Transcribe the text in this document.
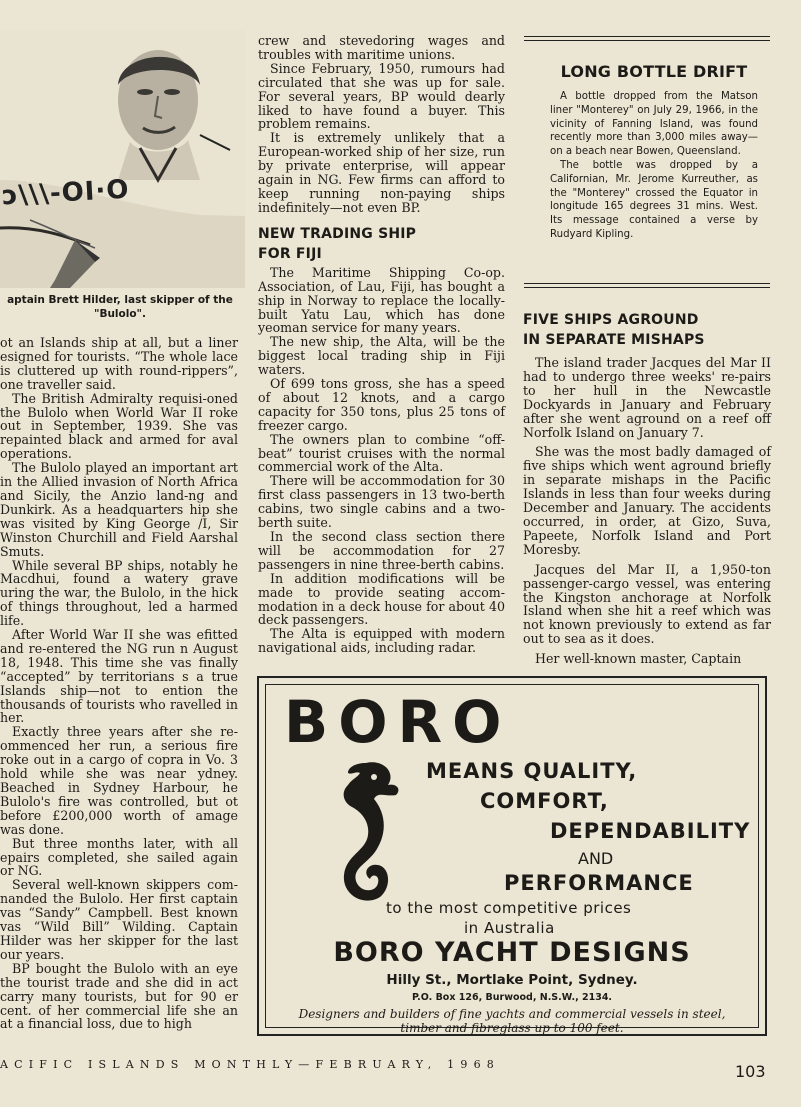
ɔ\\\-OI·O
aptain Brett Hilder, last skipper of the "Bulolo".

ot an Islands ship at all, but a liner esigned for tourists. “The whole lace is cluttered up with round-rippers”, one traveller said.

The British Admiralty requisi-oned the Bulolo when World War II roke out in September, 1939. She vas repainted black and armed for aval operations.

The Bulolo played an important art in the Allied invasion of North Africa and Sicily, the Anzio land-ng and Dunkirk. As a headquarters hip she was visited by King George /I, Sir Winston Churchill and Field Aarshal Smuts.

While several BP ships, notably he Macdhui, found a watery grave uring the war, the Bulolo, in the hick of things throughout, led a harmed life.

After World War II she was efitted and re-entered the NG run n August 18, 1948. This time she vas finally “accepted” by territorians s a true Islands ship—not to ention the thousands of tourists who ravelled in her.

Exactly three years after she re-ommenced her run, a serious fire roke out in a cargo of copra in Vo. 3 hold while she was near ydney. Beached in Sydney Harbour, he Bulolo's fire was controlled, but ot before £200,000 worth of amage was done.

But three months later, with all epairs completed, she sailed again or NG.

Several well-known skippers com-nanded the Bulolo. Her first captain vas “Sandy” Campbell. Best known vas “Wild Bill” Wilding. Captain Hilder was her skipper for the last our years.

BP bought the Bulolo with an eye the tourist trade and she did in act carry many tourists, but for 90 er cent. of her commercial life she an at a financial loss, due to high

crew and stevedoring wages and troubles with maritime unions.

Since February, 1950, rumours had circulated that she was up for sale. For several years, BP would dearly liked to have found a buyer. This problem remains.

It is extremely unlikely that a European-worked ship of her size, run by private enterprise, will appear again in NG. Few firms can afford to keep running non-paying ships indefinitely—not even BP.

NEW TRADING SHIP
FOR FIJI

The Maritime Shipping Co-op. Association, of Lau, Fiji, has bought a ship in Norway to replace the locally-built Yatu Lau, which has done yeoman service for many years.

The new ship, the Alta, will be the biggest local trading ship in Fiji waters.

Of 699 tons gross, she has a speed of about 12 knots, and a cargo capacity for 350 tons, plus 25 tons of freezer cargo.

The owners plan to combine “off-beat” tourist cruises with the normal commercial work of the Alta.

There will be accommodation for 30 first class passengers in 13 two-berth cabins, two single cabins and a two-berth suite.

In the second class section there will be accommodation for 27 passengers in nine three-berth cabins.

In addition modifications will be made to provide seating accom-modation in a deck house for about 40 deck passengers.

The Alta is equipped with modern navigational aids, including radar.

LONG BOTTLE DRIFT

A bottle dropped from the Matson liner "Monterey" on July 29, 1966, in the vicinity of Fanning Island, was found recently more than 3,000 miles away—on a beach near Bowen, Queensland.

The bottle was dropped by a Californian, Mr. Jerome Kurreuther, as the "Monterey" crossed the Equator in longitude 165 degrees 31 mins. West. Its message contained a verse by Rudyard Kipling.

FIVE SHIPS AGROUND
IN SEPARATE MISHAPS

The island trader Jacques del Mar II had to undergo three weeks' re-pairs to her hull in the Newcastle Dockyards in January and February after she went aground on a reef off Norfolk Island on January 7.

She was the most badly damaged of five ships which went aground briefly in separate mishaps in the Pacific Islands in less than four weeks during December and January. The accidents occurred, in order, at Gizo, Suva, Papeete, Norfolk Island and Port Moresby.

Jacques del Mar II, a 1,950-ton passenger-cargo vessel, was entering the Kingston anchorage at Norfolk Island when she hit a reef which was not known previously to extend as far out to sea as it does.

Her well-known master, Captain

BORO
MEANS QUALITY,
COMFORT,
DEPENDABILITY
AND
PERFORMANCE
to the most competitive prices
in Australia
BORO YACHT DESIGNS
Hilly St., Mortlake Point, Sydney.
P.O. Box 126, Burwood, N.S.W., 2134.
Designers and builders of fine yachts and commercial vessels in steel,
timber and fibreglass up to 100 feet.
ACIFIC ISLANDS MONTHLY—FEBRUARY, 1968	103
